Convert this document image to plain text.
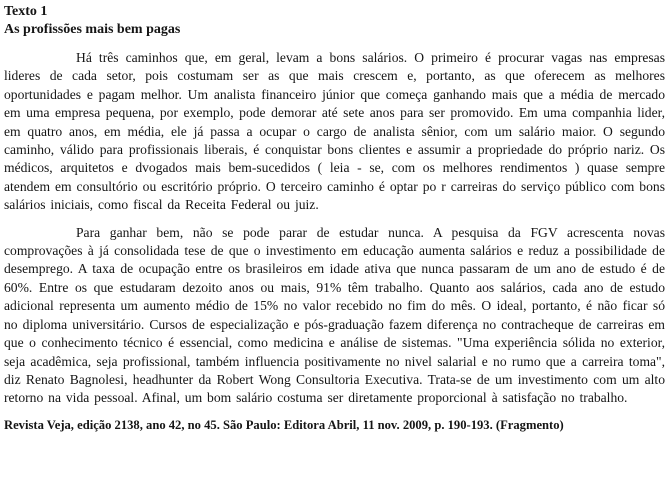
Texto 1

As profissões mais bem pagas

Há três caminhos que, em geral, levam a bons salários. O primeiro é procurar vagas nas empresas lideres de cada setor, pois costumam ser as que mais crescem e, portanto, as que oferecem as melhores oportunidades e pagam melhor. Um analista financeiro júnior que começa ganhando mais que a média de mercado em uma empresa pequena, por exemplo, pode demorar até sete anos para ser promovido. Em uma companhia lider, em quatro anos, em média, ele já passa a ocupar o cargo de analista sênior, com um salário maior. O segundo caminho, válido para profissionais liberais, é conquistar bons clientes e assumir a propriedade do próprio nariz. Os médicos, arquitetos e dvogados mais bem-sucedidos ( leia - se, com os melhores rendimentos ) quase sempre atendem em consultório ou escritório próprio. O terceiro caminho é optar po r carreiras do serviço público com bons salários iniciais, como fiscal da Receita Federal ou juiz.

Para ganhar bem, não se pode parar de estudar nunca. A pesquisa da FGV acrescenta novas comprovações à já consolidada tese de que o investimento em educação aumenta salários e reduz a possibilidade de desemprego. A taxa de ocupação entre os brasileiros em idade ativa que nunca passaram de um ano de estudo é de 60%. Entre os que estudaram dezoito anos ou mais, 91% têm trabalho. Quanto aos salários, cada ano de estudo adicional representa um aumento médio de 15% no valor recebido no fim do mês. O ideal, portanto, é não ficar só no diploma universitário. Cursos de especialização e pós-graduação fazem diferença no contracheque de carreiras em que o conhecimento técnico é essencial, como medicina e análise de sistemas. "Uma experiência sólida no exterior, seja acadêmica, seja profissional, também influencia positivamente no nivel salarial e no rumo que a carreira toma", diz Renato Bagnolesi, headhunter da Robert Wong Consultoria Executiva. Trata-se de um investimento com um alto retorno na vida pessoal. Afinal, um bom salário costuma ser diretamente proporcional à satisfação no trabalho.

Revista Veja, edição 2138, ano 42, no 45. São Paulo: Editora Abril, 11 nov. 2009, p. 190-193. (Fragmento)
